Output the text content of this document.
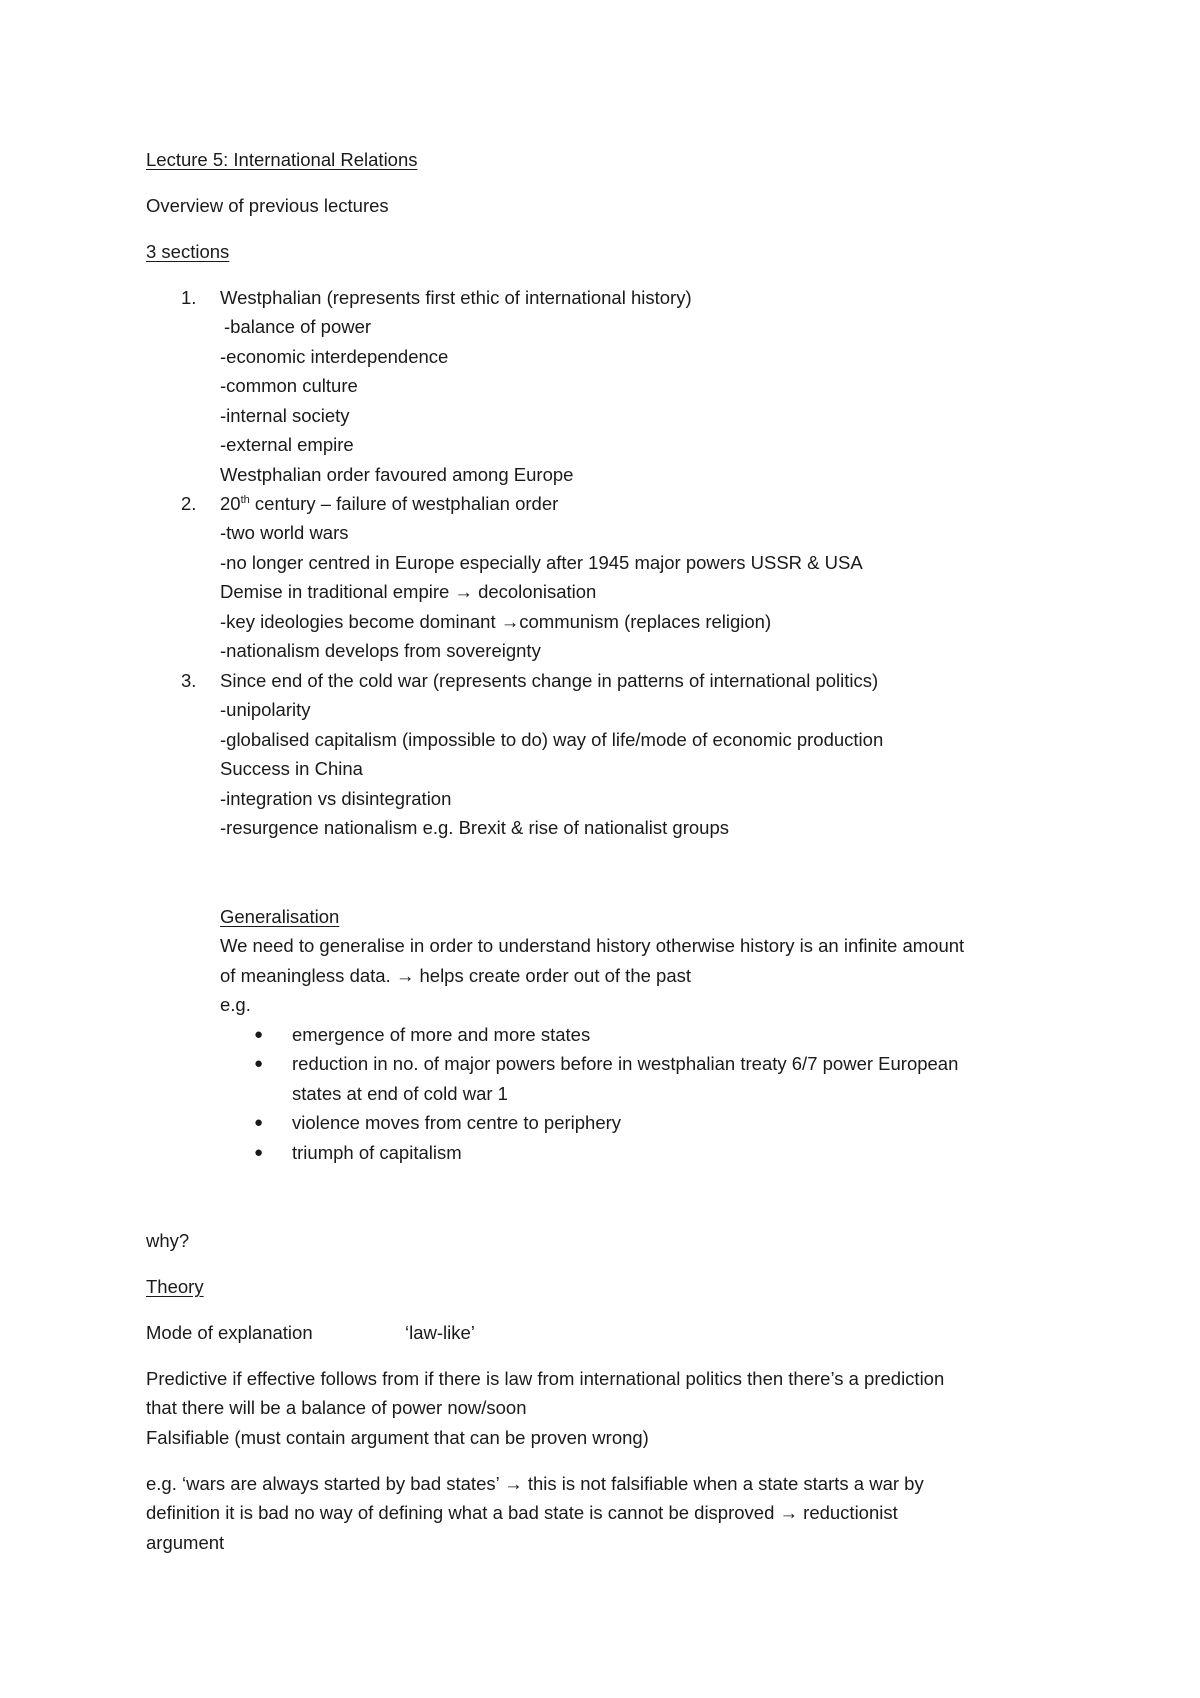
Lecture 5: International Relations
Overview of previous lectures
3 sections
1. Westphalian (represents first ethic of international history)
-balance of power
-economic interdependence
-common culture
-internal society
-external empire
Westphalian order favoured among Europe
2. 20th century – failure of westphalian order
-two world wars
-no longer centred in Europe especially after 1945 major powers USSR & USA
Demise in traditional empire → decolonisation
-key ideologies become dominant →communism (replaces religion)
-nationalism develops from sovereignty
3. Since end of the cold war (represents change in patterns of international politics)
-unipolarity
-globalised capitalism (impossible to do) way of life/mode of economic production
Success in China
-integration vs disintegration
-resurgence nationalism e.g. Brexit & rise of nationalist groups
Generalisation
We need to generalise in order to understand history otherwise history is an infinite amount
of meaningless data. → helps create order out of the past
e.g.
● emergence of more and more states
● reduction in no. of major powers before in westphalian treaty 6/7 power European
states at end of cold war 1
● violence moves from centre to periphery
● triumph of capitalism
why?
Theory
Mode of explanation	‘law-like’
Predictive if effective follows from if there is law from international politics then there’s a prediction
that there will be a balance of power now/soon
Falsifiable (must contain argument that can be proven wrong)
e.g. ‘wars are always started by bad states’ → this is not falsifiable when a state starts a war by
definition it is bad no way of defining what a bad state is cannot be disproved → reductionist
argument
